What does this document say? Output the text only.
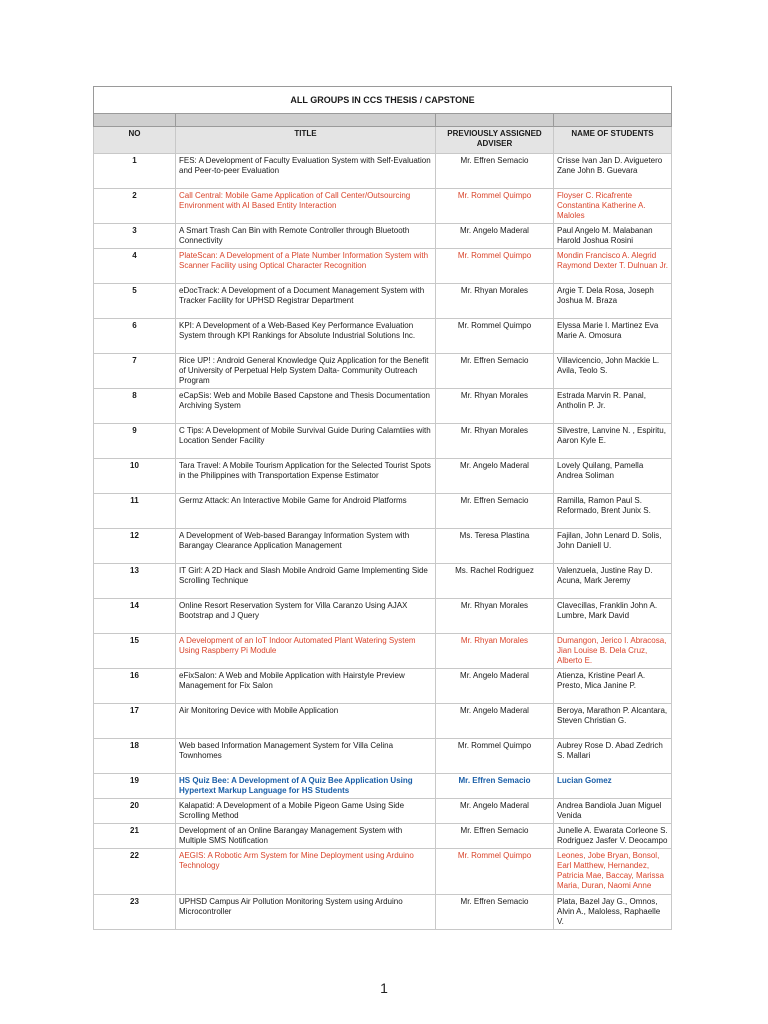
ALL GROUPS IN CCS THESIS / CAPSTONE			

NO	TITLE	PREVIOUSLY ASSIGNED ADVISER	NAME OF STUDENTS
1	FES: A Development of Faculty Evaluation System with Self-Evaluation and Peer-to-peer Evaluation	Mr. Effren Semacio	Crisse Ivan Jan D. Aviguetero Zane John B. Guevara
2	Call Central: Mobile Game Application of Call Center/Outsourcing Environment with AI Based Entity Interaction	Mr. Rommel Quimpo	Floyser C. Ricafrente Constantina Katherine A. Maloles
3	A Smart Trash Can Bin with Remote Controller through Bluetooth Connectivity	Mr. Angelo Maderal	Paul Angelo M. Malabanan Harold Joshua Rosini
4	PlateScan: A Development of a Plate Number Information System with Scanner Facility using Optical Character Recognition	Mr. Rommel Quimpo	Mondin Francisco A. Alegrid Raymond Dexter T. Dulnuan Jr.
5	eDocTrack: A Development of a Document Management System with Tracker Facility for UPHSD Registrar Department	Mr. Rhyan Morales	Argie T. Dela Rosa, Joseph Joshua M. Braza
6	KPI: A Development of a Web-Based Key Performance Evaluation System through KPI Rankings for Absolute Industrial Solutions Inc.	Mr. Rommel Quimpo	Elyssa Marie I. Martinez Eva Marie A. Omosura
7	Rice UP! : Android General Knowledge Quiz Application for the Benefit of University of Perpetual Help System Dalta- Community Outreach Program	Mr. Effren Semacio	Villavicencio, John Mackie L. Avila, Teolo S.
8	eCapSis: Web and Mobile Based Capstone and Thesis Documentation Archiving System	Mr. Rhyan Morales	Estrada Marvin R. Panal, Antholin P. Jr.
9	C Tips: A Development of Mobile Survival Guide During Calamtiies with Location Sender Facility	Mr. Rhyan Morales	Silvestre, Lanvine N. , Espiritu, Aaron Kyle E.
10	Tara Travel: A Mobile Tourism Application for the Selected Tourist Spots in the Philippines with Transportation Expense Estimator	Mr. Angelo Maderal	Lovely Quilang, Pamella Andrea Soliman
11	Germz Attack: An Interactive Mobile Game for Android Platforms	Mr. Effren Semacio	Ramilla, Ramon Paul S. Reformado, Brent Junix S.
12	A Development of Web-based Barangay Information System with Barangay Clearance Application Management	Ms. Teresa Plastina	Fajilan, John Lenard D. Solis, John Daniell U.
13	IT Girl: A 2D Hack and Slash Mobile Android Game Implementing Side Scrolling Technique	Ms. Rachel Rodriguez	Valenzuela, Justine Ray D. Acuna, Mark Jeremy
14	Online Resort Reservation System for Villa Caranzo Using AJAX Bootstrap and J Query	Mr. Rhyan Morales	Clavecillas, Franklin John A. Lumbre, Mark David
15	A Development of an IoT Indoor Automated Plant Watering System Using Raspberry Pi Module	Mr. Rhyan Morales	Dumangon, Jerico I. Abracosa, Jian Louise B. Dela Cruz, Alberto E.
16	eFixSalon: A Web and Mobile Application with Hairstyle Preview Management for Fix Salon	Mr. Angelo Maderal	Atienza, Kristine Pearl A. Presto, Mica Janine P.
17	Air Monitoring Device with Mobile Application	Mr. Angelo Maderal	Beroya, Marathon P. Alcantara, Steven Christian G.
18	Web based Information Management System for Villa Celina Townhomes	Mr. Rommel Quimpo	Aubrey Rose D. Abad Zedrich S. Mallari
19	HS Quiz Bee: A Development of A Quiz Bee Application Using Hypertext Markup Language for HS Students	Mr. Effren Semacio	Lucian Gomez
20	Kalapatid: A Development of a Mobile Pigeon Game Using Side Scrolling Method	Mr. Angelo Maderal	Andrea Bandiola Juan Miguel Venida
21	Development of an Online Barangay Management System with Multiple SMS Notification	Mr. Effren Semacio	Junelle A. Ewarata Corleone S. Rodriguez Jasfer V. Deocampo
22	AEGIS: A Robotic Arm System for Mine Deployment using Arduino Technology	Mr. Rommel Quimpo	Leones, Jobe Bryan, Bonsol, Earl Matthew, Hernandez, Patricia Mae, Baccay, Marissa Maria, Duran, Naomi Anne
23	UPHSD Campus Air Pollution Monitoring System using Arduino Microcontroller	Mr. Effren Semacio	Plata, Bazel Jay G., Omnos, Alvin A., Maloless, Raphaelle V.
1
